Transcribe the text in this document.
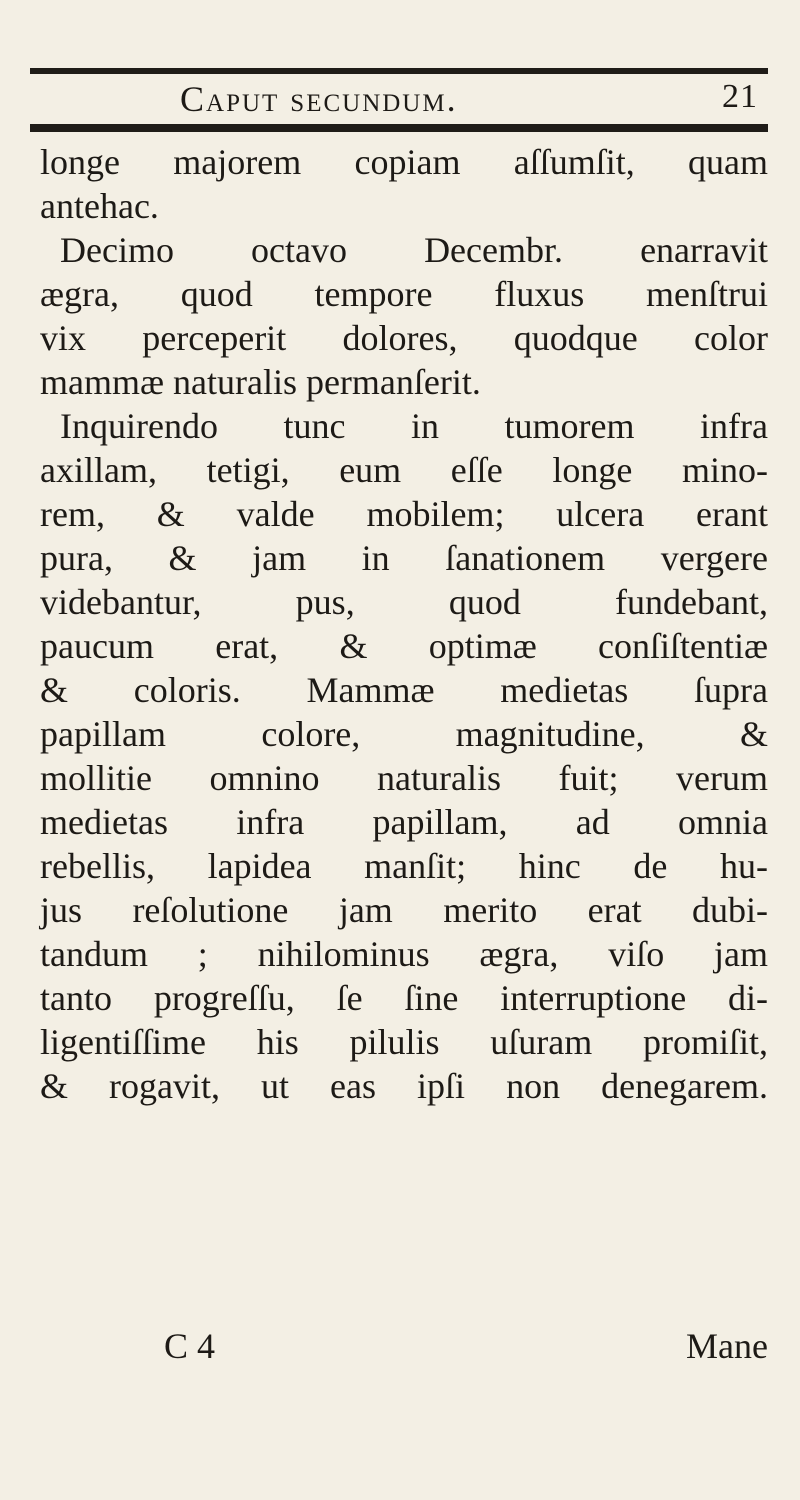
Caput secundum.	21
longe majorem copiam aſſumſit, quam
antehac.
Decimo octavo Decembr. enarravit
ægra, quod tempore fluxus menſtrui
vix perceperit dolores, quodque color
mammæ naturalis permanſerit.
Inquirendo tunc in tumorem infra
axillam, tetigi, eum eſſe longe mino-
rem, & valde mobilem; ulcera erant
pura, & jam in ſanationem vergere
videbantur, pus, quod fundebant,
paucum erat, & optimæ conſiſtentiæ
& coloris. Mammæ medietas ſupra
papillam colore, magnitudine, &
mollitie omnino naturalis fuit; verum
medietas infra papillam, ad omnia
rebellis, lapidea manſit; hinc de hu-
jus reſolutione jam merito erat dubi-
tandum ; nihilominus ægra, viſo jam
tanto progreſſu, ſe ſine interruptione di-
ligentiſſime his pilulis uſuram promiſit,
& rogavit, ut eas ipſi non denegarem.
C 4	Mane
